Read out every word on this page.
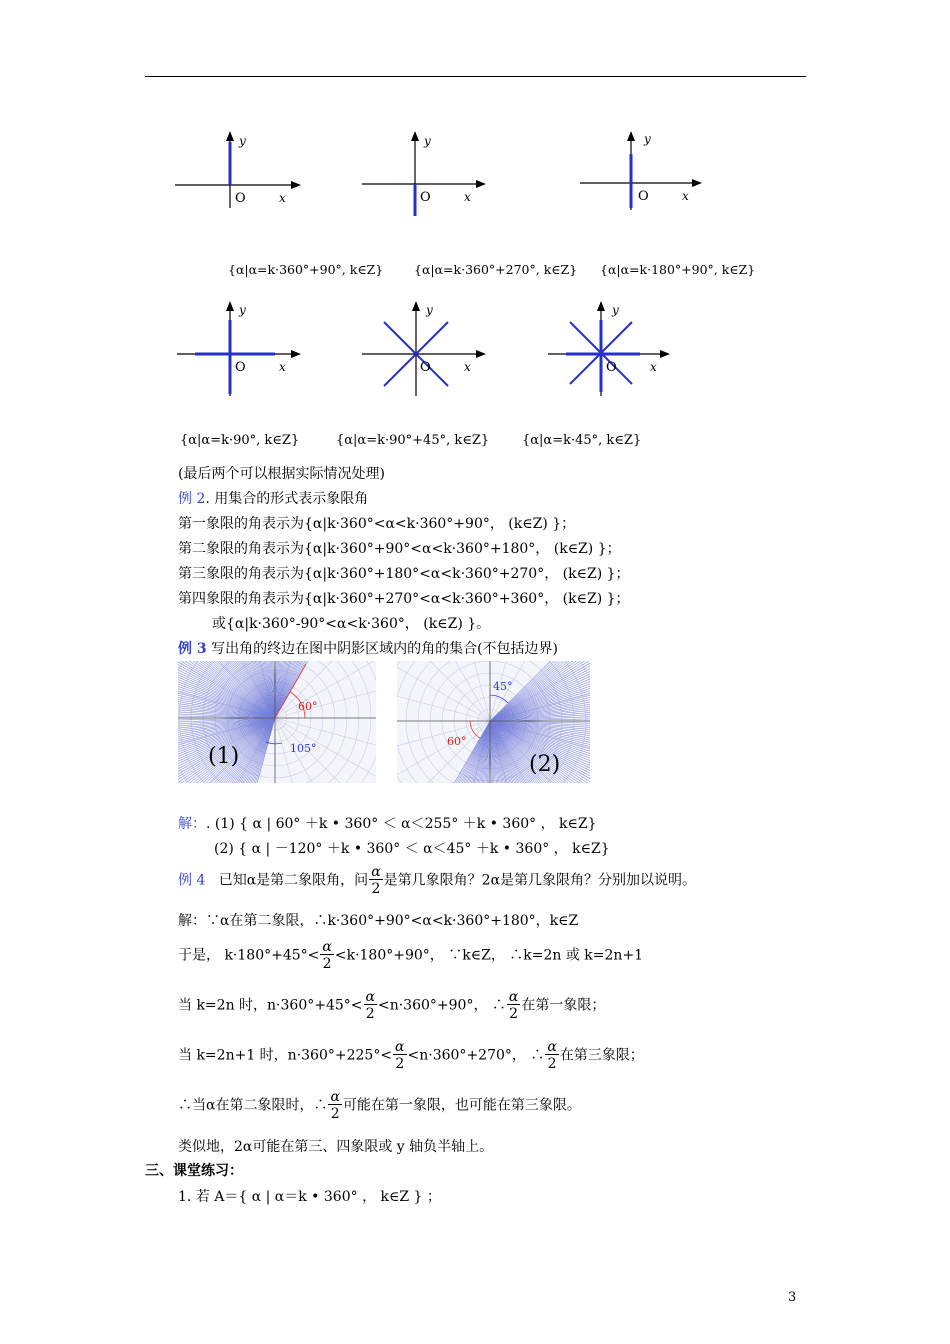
y
O	x
y
O	x
y
O	x
{α|α=k·360°+90°, k∈Z} {α|α=k·360°+270°, k∈Z} {α|α=k·180°+90°, k∈Z}
y
O	x
y
O	x
y
O	x
{α|α=k·90°, k∈Z}	{α|α=k·90°+45°, k∈Z}	{α|α=k·45°, k∈Z}
(最后两个可以根据实际情况处理)
例 2. 用集合的形式表示象限角
第一象限的角表示为{α|k·360°<α<k·360°+90°， (k∈Z) }；
第二象限的角表示为{α|k·360°+90°<α<k·360°+180°， (k∈Z) }；
第三象限的角表示为{α|k·360°+180°<α<k·360°+270°， (k∈Z) }；
第四象限的角表示为{α|k·360°+270°<α<k·360°+360°， (k∈Z) }；
或{α|k·360°-90°<α<k·360°， (k∈Z) }。
例 3 写出角的终边在图中阴影区域内的角的集合(不包括边界)
60°
105°
(1)
45°
60°
(2)
解：. (1) { α | 60° ＋k • 360° ＜ α＜255° ＋k • 360° ， k∈Z}
(2) { α | －120° ＋k • 360° ＜ α＜45° ＋k • 360° ， k∈Z}
例 4 已知α是第二象限角，问 $\frac{\alpha}{2}$ 是第几象限角？2α是第几象限角？分别加以说明。
解：∵α在第二象限，∴k·360°+90°<α<k·360°+180°，k∈Z
于是， $k\cdot 180^\circ+45^\circ< \frac{\alpha}{2} <k\cdot 180^\circ+90^\circ$， ∵k∈Z， ∴k=2n 或 k=2n+1
当 k=2n 时，$n\cdot 360^\circ+45^\circ< \frac{\alpha}{2} <n\cdot 360^\circ+90^\circ$， ∴ $\frac{\alpha}{2}$ 在第一象限；
当 k=2n+1 时，$n\cdot 360^\circ+225^\circ< \frac{\alpha}{2} <n\cdot 360^\circ+270^\circ$， ∴ $\frac{\alpha}{2}$ 在第三象限；
∴当α在第二象限时，∴ $\frac{\alpha}{2}$ 可能在第一象限，也可能在第三象限。
类似地，2α可能在第三、四象限或 y 轴负半轴上。
三、课堂练习：
1. 若 A＝{ α | α＝k • 360° ， k∈Z } ；
3
